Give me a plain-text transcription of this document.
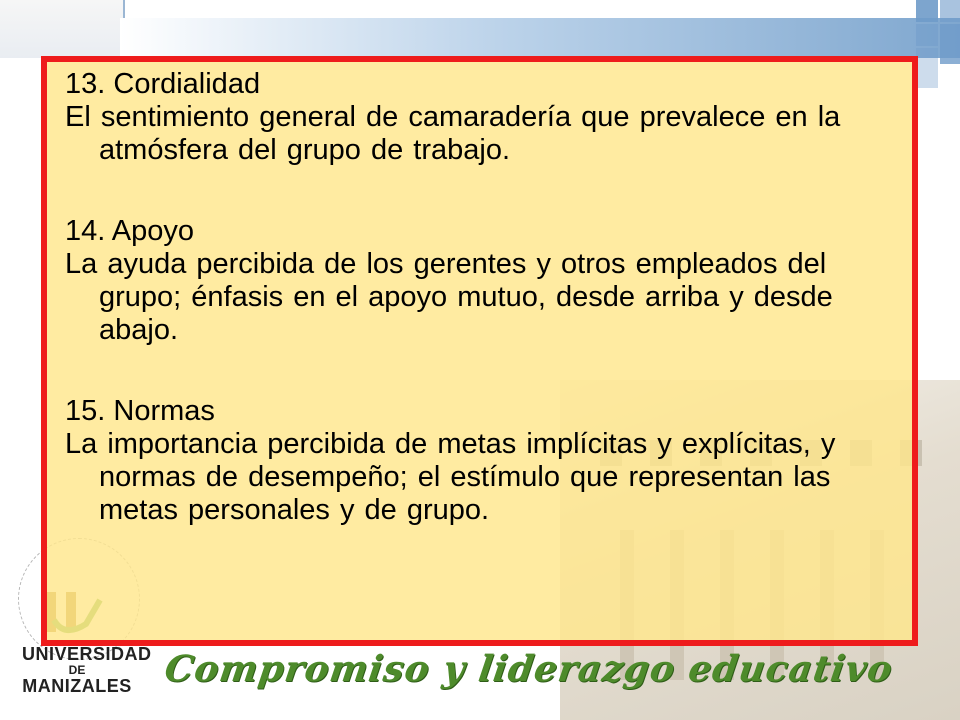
13. Cordialidad

El sentimiento general de camaradería que prevalece en la atmósfera del grupo de trabajo.

14. Apoyo

La ayuda percibida de los gerentes y otros empleados del grupo; énfasis en el apoyo mutuo, desde arriba y desde abajo.

15. Normas

La importancia percibida de metas implícitas y explícitas, y normas de desempeño; el estímulo que representan las metas personales y de grupo.

UNIVERSIDAD
DE
MANIZALES Compromiso y liderazgo educativo
